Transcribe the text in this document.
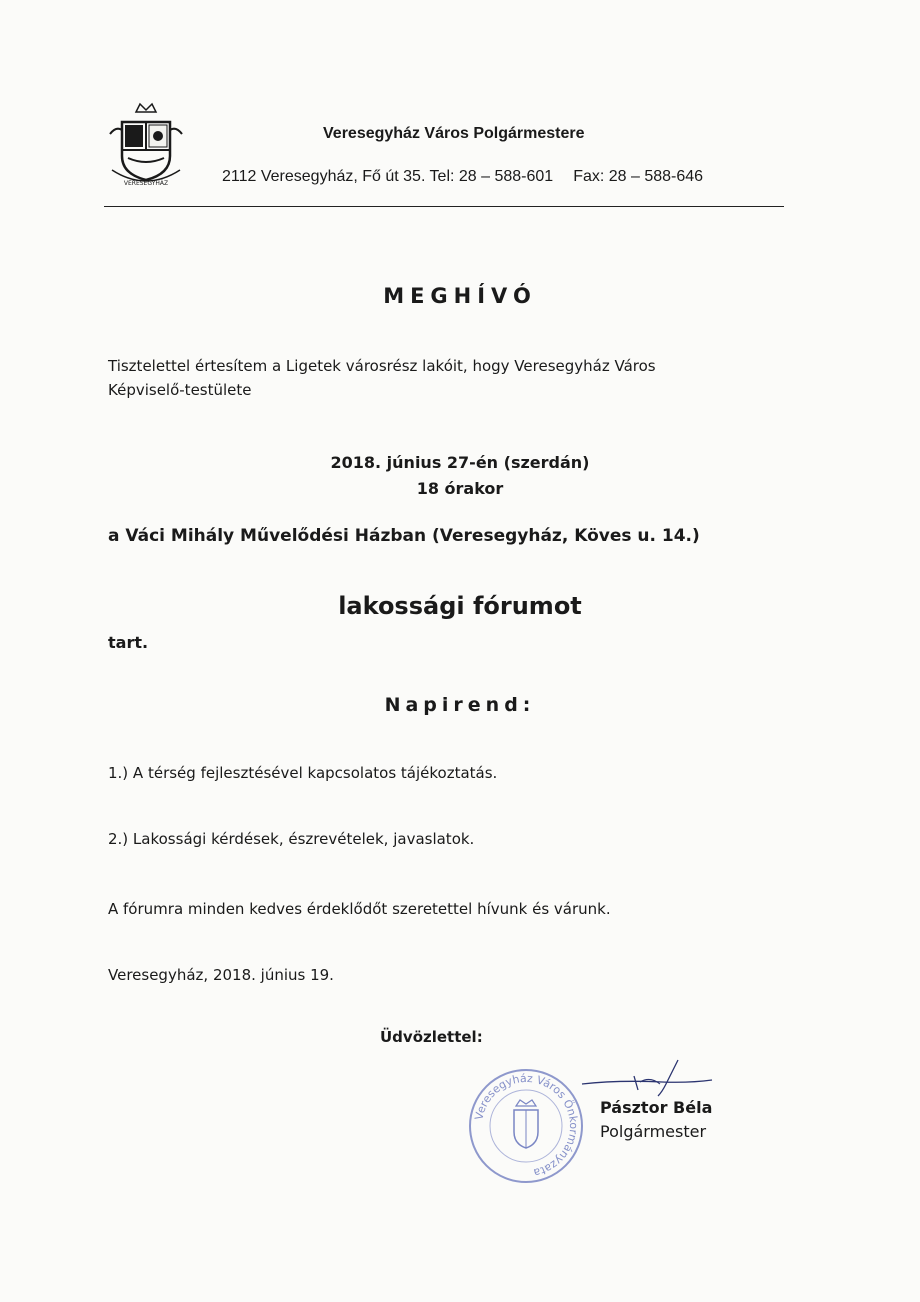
VERESEGYHÁZ
Veresegyház Város Polgármestere
2112 Veresegyház, Fő út 35. Tel: 28 – 588-601 Fax: 28 – 588-646
MEGHÍVÓ
Tisztelettel értesítem a Ligetek városrész lakóit, hogy Veresegyház Város
Képviselő-testülete
2018. június 27-én (szerdán)
18 órakor
a Váci Mihály Művelődési Házban (Veresegyház, Köves u. 14.)
lakossági fórumot
tart.
Napirend:
1.) A térség fejlesztésével kapcsolatos tájékoztatás.
2.) Lakossági kérdések, észrevételek, javaslatok.
A fórumra minden kedves érdeklődőt szeretettel hívunk és várunk.
Veresegyház, 2018. június 19.
Üdvözlettel:
Veresegyház Város Önkormányzata
Pásztor Béla
Polgármester
